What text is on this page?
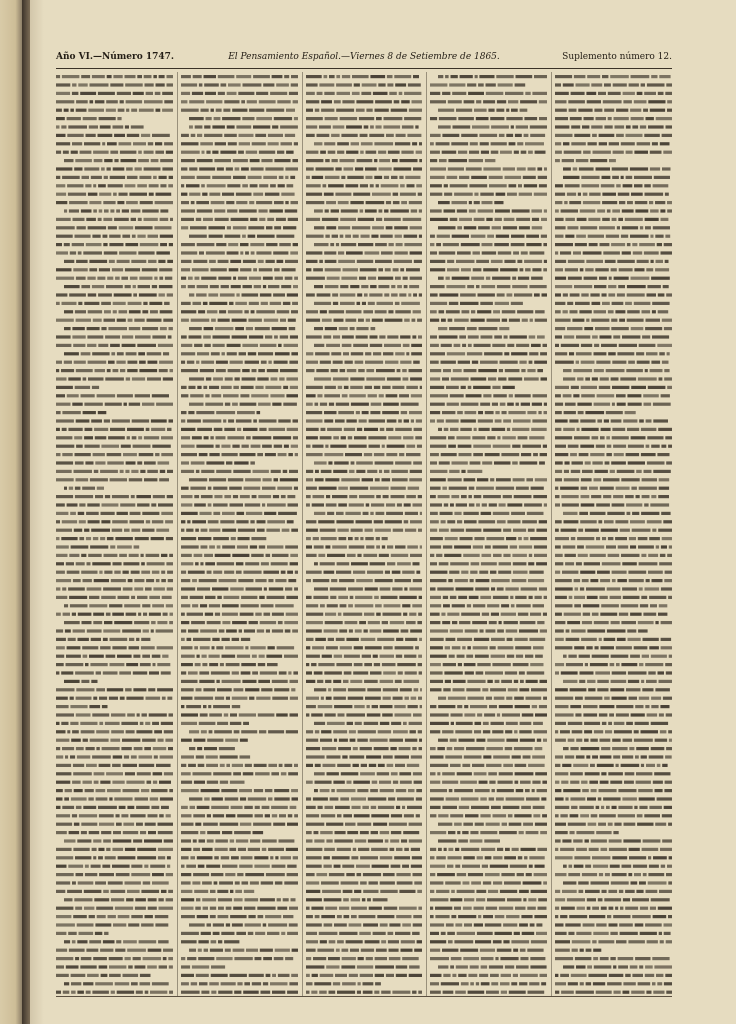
Año VI.—Número 1747.	El Pensamiento Español.—Viernes 8 de Setiembre de 1865.	Suplemento número 12.
